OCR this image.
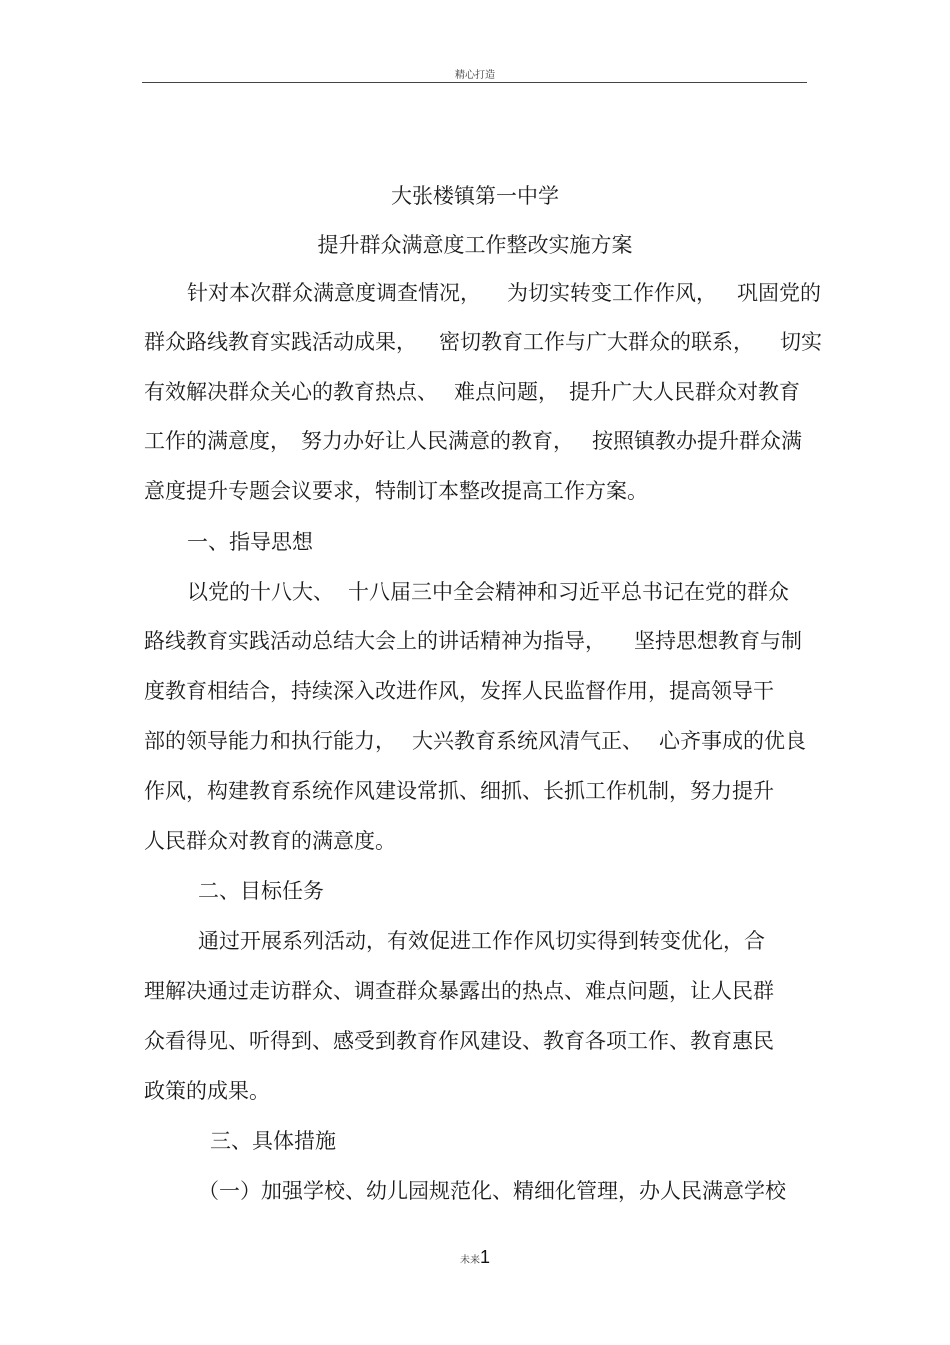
精心打造
大张楼镇第一中学
提升群众满意度工作整改实施方案
针对本次群众满意度调查情况， 为切实转变工作作风， 巩固党的
群众路线教育实践活动成果， 密切教育工作与广大群众的联系， 切实
有效解决群众关心的教育热点、 难点问题， 提升广大人民群众对教育
工作的满意度， 努力办好让人民满意的教育， 按照镇教办提升群众满
意度提升专题会议要求，特制订本整改提高工作方案。
一、指导思想
以党的十八大、 十八届三中全会精神和习近平总书记在党的群众
路线教育实践活动总结大会上的讲话精神为指导， 坚持思想教育与制
度教育相结合，持续深入改进作风，发挥人民监督作用，提高领导干
部的领导能力和执行能力， 大兴教育系统风清气正、 心齐事成的优良
作风，构建教育系统作风建设常抓、细抓、长抓工作机制，努力提升
人民群众对教育的满意度。
二、目标任务
通过开展系列活动，有效促进工作作风切实得到转变优化，合
理解决通过走访群众、调查群众暴露出的热点、难点问题，让人民群
众看得见、听得到、感受到教育作风建设、教育各项工作、教育惠民
政策的成果。
三、具体措施
（一）加强学校、幼儿园规范化、精细化管理，办人民满意学校
未来1
